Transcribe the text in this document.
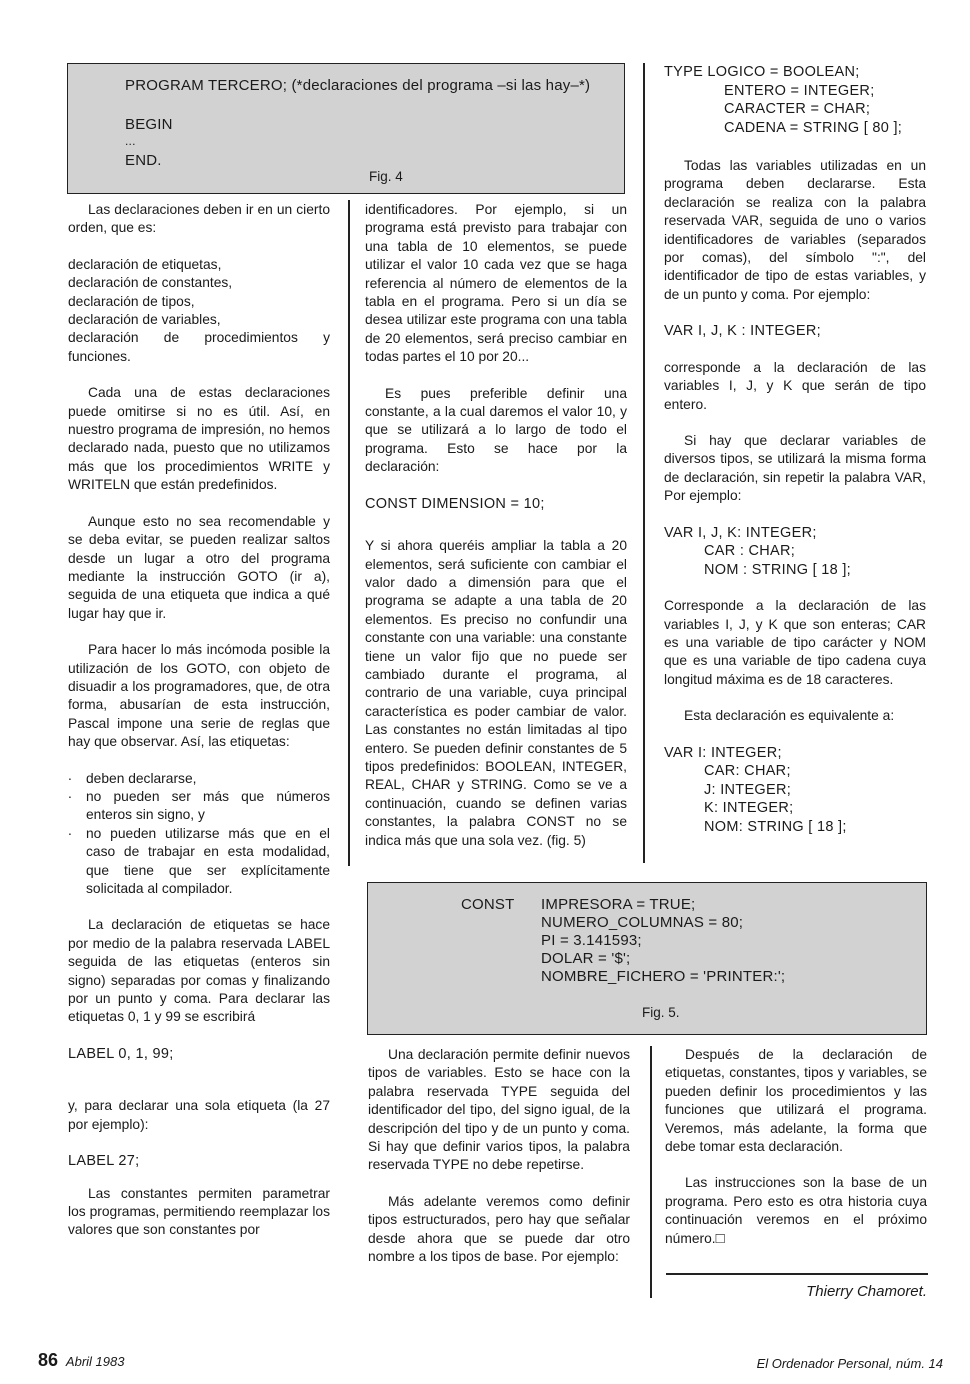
PROGRAM TERCERO; (*declaraciones del programa –si las hay–*)
BEGIN
...
END.
Fig. 4

Las declaraciones deben ir en un cierto orden, que es:

declaración de etiquetas,
declaración de constantes,
declaración de tipos,
declaración de variables,
declaración de procedimientos y funciones.

Cada una de estas declaraciones puede omitirse si no es útil. Así, en nuestro programa de impresión, no hemos declarado nada, puesto que no utilizamos más que los procedimientos WRITE y WRITELN que están predefinidos.

Aunque esto no sea recomendable y se deba evitar, se pueden realizar saltos desde un lugar a otro del programa mediante la instrucción GOTO (ir a), seguida de una etiqueta que indica a qué lugar hay que ir.

Para hacer lo más incómoda posible la utilización de los GOTO, con objeto de disuadir a los programadores, que, de otra forma, abusarían de esta instrucción, Pascal impone una serie de reglas que hay que observar. Así, las etiquetas:

. deben declararse,
. no pueden ser más que números enteros sin signo, y
. no pueden utilizarse más que en el caso de trabajar en esta modalidad, que tiene que ser explícitamente solicitada al compilador.

La declaración de etiquetas se hace por medio de la palabra reservada LABEL seguida de las etiquetas (enteros sin signo) separadas por comas y finalizando por un punto y coma. Para declarar las etiquetas 0, 1 y 99 se escribirá

LABEL 0, 1, 99;

y, para declarar una sola etiqueta (la 27 por ejemplo):

LABEL 27;

Las constantes permiten parametrar los programas, permitiendo reemplazar los valores que son constantes por

identificadores. Por ejemplo, si un programa está previsto para trabajar con una tabla de 10 elementos, se puede utilizar el valor 10 cada vez que se haga referencia al número de elementos de la tabla en el programa. Pero si un día se desea utilizar este programa con una tabla de 20 elementos, será preciso cambiar en todas partes el 10 por 20...

Es pues preferible definir una constante, a la cual daremos el valor 10, y que se utilizará a lo largo de todo el programa. Esto se hace por la declaración:

CONST DIMENSION = 10;

Y si ahora queréis ampliar la tabla a 20 elementos, será suficiente con cambiar el valor dado a dimensión para que el programa se adapte a una tabla de 20 elementos. Es preciso no confundir una constante con una variable: una constante tiene un valor fijo que no puede ser cambiado durante el programa, al contrario de una variable, cuya principal característica es poder cambiar de valor. Las constantes no están limitadas al tipo entero. Se pueden definir constantes de 5 tipos predefinidos: BOOLEAN, INTEGER, REAL, CHAR y STRING. Como se ve a continuación, cuando se definen varias constantes, la palabra CONST no se indica más que una sola vez. (fig. 5)

TYPE LOGICO = BOOLEAN;
ENTERO = INTEGER;
CARACTER = CHAR;
CADENA = STRING [ 80 ];

Todas las variables utilizadas en un programa deben declararse. Esta declaración se realiza con la palabra reservada VAR, seguida de uno o varios identificadores de variables (separados por comas), del símbolo ":", del identificador de tipo de estas variables, y de un punto y coma. Por ejemplo:

VAR I, J, K : INTEGER;

corresponde a la declaración de las variables I, J, y K que serán de tipo entero.

Si hay que declarar variables de diversos tipos, se utilizará la misma forma de declaración, sin repetir la palabra VAR, Por ejemplo:

VAR I, J, K: INTEGER;
CAR : CHAR;
NOM : STRING [ 18 ];

Corresponde a la declaración de las variables I, J, y K que son enteras; CAR es una variable de tipo carácter y NOM que es una variable de tipo cadena cuya longitud máxima es de 18 caracteres.

Esta declaración es equivalente a:

VAR I: INTEGER;
CAR: CHAR;
J: INTEGER;
K: INTEGER;
NOM: STRING [ 18 ];
CONST IMPRESORA = TRUE;
NUMERO_COLUMNAS = 80;
PI = 3.141593;
DOLAR = '$';
NOMBRE_FICHERO = 'PRINTER:';
Fig. 5.

Una declaración permite definir nuevos tipos de variables. Esto se hace con la palabra reservada TYPE seguida del identificador del tipo, del signo igual, de la descripción del tipo y de un punto y coma. Si hay que definir varios tipos, la palabra reservada TYPE no debe repetirse.

Más adelante veremos como definir tipos estructurados, pero hay que señalar desde ahora que se puede dar otro nombre a los tipos de base. Por ejemplo:

Después de la declaración de etiquetas, constantes, tipos y variables, se pueden definir los procedimientos y las funciones que utilizará el programa. Veremos, más adelante, la forma que debe tomar esta declaración.

Las instrucciones son la base de un programa. Pero esto es otra historia cuya continuación veremos en el próximo número.□

Thierry Chamoret.
86 Abril 1983	El Ordenador Personal, núm. 14
